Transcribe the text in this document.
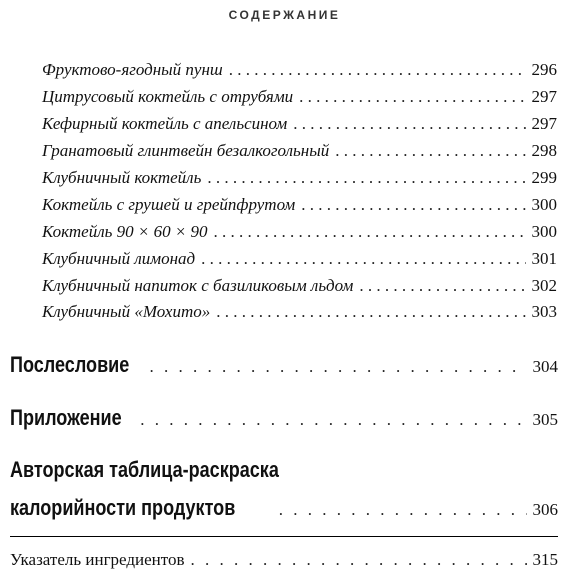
СОДЕРЖАНИЕ
Фруктово-ягодный пунш . . .	296
Цитрусовый коктейль с отрубями . . .	297
Кефирный коктейль с апельсином . . .	297
Гранатовый глинтвейн безалкогольный . . .	298
Клубничный коктейль . . .	299
Коктейль с грушей и грейпфрутом . . .	300
Коктейль 90 × 60 × 90 . . .	300
Клубничный лимонад . . .	301
Клубничный напиток с базиликовым льдом . . .	302
Клубничный «Мохито» . . .	303
Послесловие . . .	304
Приложение . . .	305
Авторская таблица-раскраска
калорийности продуктов . . .	306
Указатель ингредиентов . . .	315
